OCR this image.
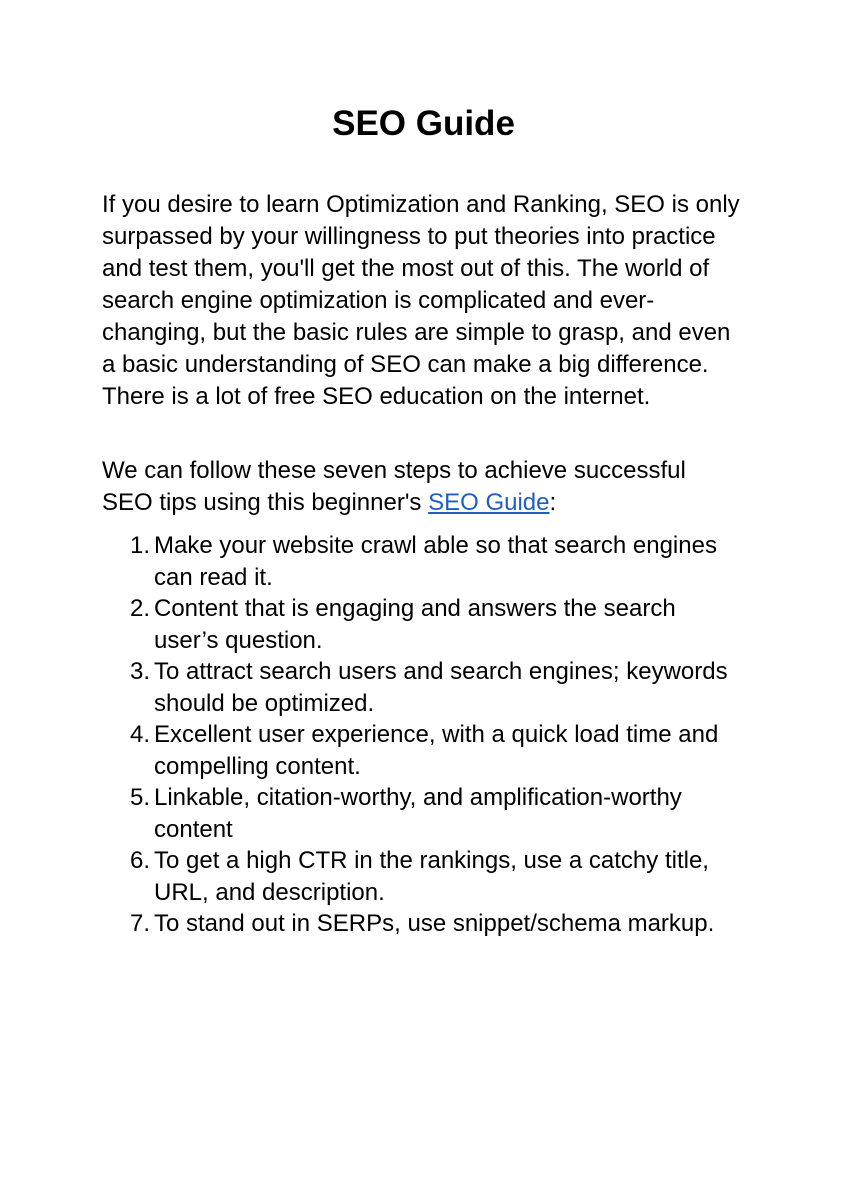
SEO Guide

If you desire to learn Optimization and Ranking, SEO is only surpassed by your willingness to put theories into practice and test them, you'll get the most out of this. The world of search engine optimization is complicated and ever-changing, but the basic rules are simple to grasp, and even a basic understanding of SEO can make a big difference. There is a lot of free SEO education on the internet.

We can follow these seven steps to achieve successful SEO tips using this beginner's SEO Guide:

1. Make your website crawl able so that search engines can read it.
2. Content that is engaging and answers the search user’s question.
3. To attract search users and search engines; keywords should be optimized.
4. Excellent user experience, with a quick load time and compelling content.
5. Linkable, citation-worthy, and amplification-worthy content
6. To get a high CTR in the rankings, use a catchy title, URL, and description.
7. To stand out in SERPs, use snippet/schema markup.
